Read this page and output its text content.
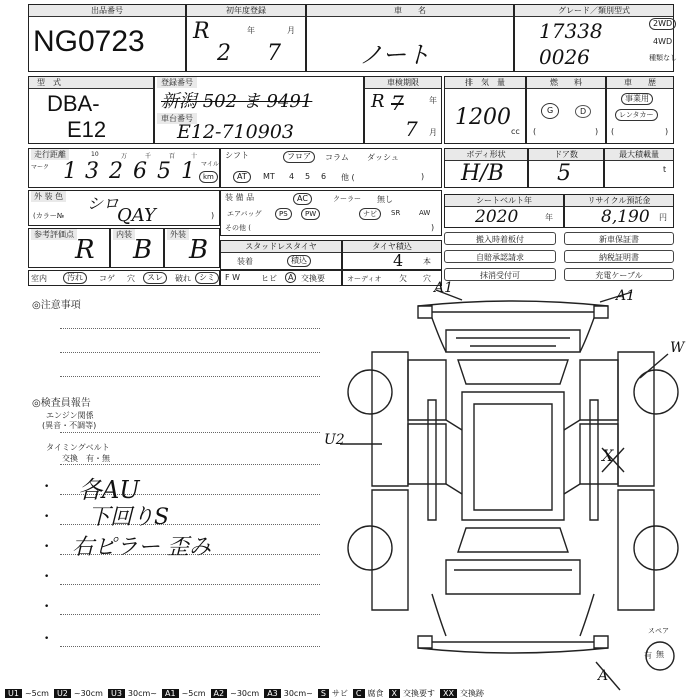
出品番号
NG0723
初年度登録
R	年	月
2 7
車　　名
ノート
グレード／類別型式
17338
0026
2WD
4WD
種類なし
型　式
DBA-
E12
登録番号
新潟 502 ま 9491
車台番号
E12-710903
車検期限
R 7	年
7 月
排　気　量
1200
cc
燃　　料
G	D
(	)
車　　歴
事業用
レンタカー
(	)
走行距離
マーク
10	万	千	百	十
1 3 2 6 5 1 マイル
km
シフト	フロア	コラム ダッシュ
AT	MT 4 5 6 他 (	)
ボディ形状
H/B
ドア数
5
最大積載量
t
外 装 色 シロ
(カラー№	QAY	)
装 備 品	AC	クーラー 無し
エアバッグ	PS	PW	ナビ	SR	AW
その他 (	)
シートベルト年
2020	年
リサイクル預託金
8,190 円
参考評価点
R
内装
B
外装
B	スタッドレスタイヤ
装着	積込
タイヤ積込
4 本
搬入時着板付	新車保証書
自賠承認請求	納税証明書
抹消受付可	充電ケーブル
室内	汚れ	コゲ 穴	スレ	破れ	シミ	F W	ヒビ	A 交換要	オーディオ 欠 穴
◎注意事項
◎検査員報告
エンジン関係
(異音・不調等)
タイミングベルト
交換　有・無
•
•
•
•
•
•
各AU
下回りS
右ピラー 歪み
A1	A1
W
U2
X
A
スペア
有 無
U1 ~5cm U2 ~30cm U3 30cm~ A1 ~5cm A2 ~30cm A3 30cm~ S サビ C 腐食 X 交換要す XX 交換跡
